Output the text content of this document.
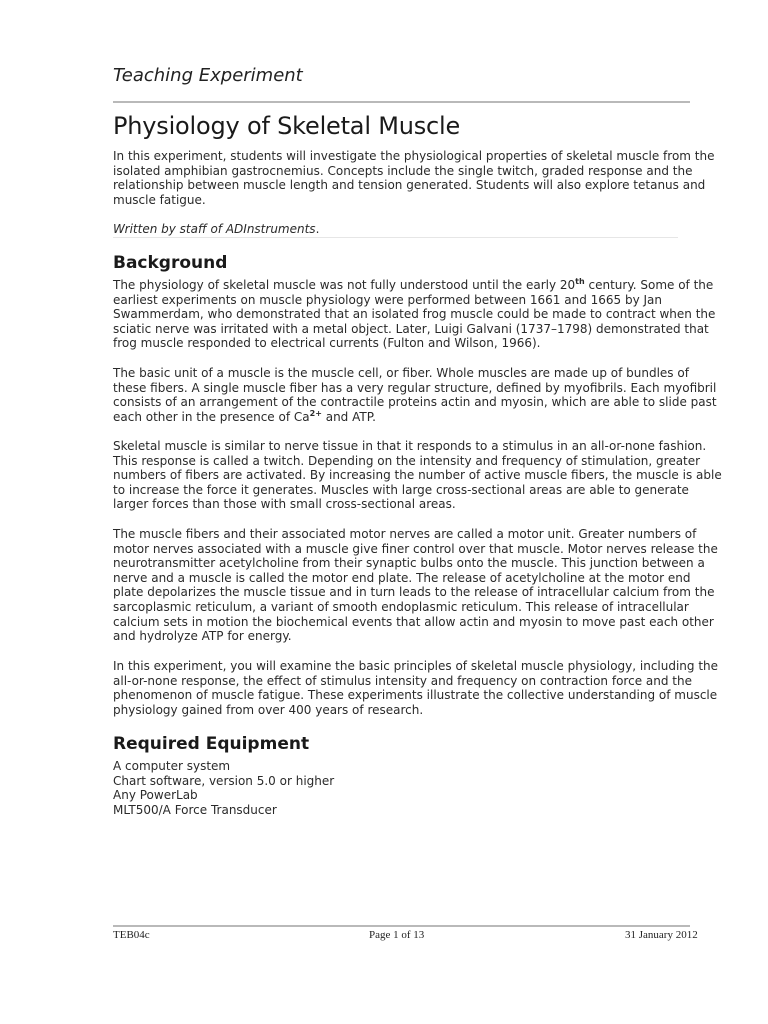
Teaching Experiment
Physiology of Skeletal Muscle

In this experiment, students will investigate the physiological properties of skeletal muscle from the isolated amphibian gastrocnemius. Concepts include the single twitch, graded response and the relationship between muscle length and tension generated. Students will also explore tetanus and muscle fatigue.

Written by staff of ADInstruments.

Background

The physiology of skeletal muscle was not fully understood until the early 20th century. Some of the earliest experiments on muscle physiology were performed between 1661 and 1665 by Jan Swammerdam, who demonstrated that an isolated frog muscle could be made to contract when the sciatic nerve was irritated with a metal object. Later, Luigi Galvani (1737–1798) demonstrated that frog muscle responded to electrical currents (Fulton and Wilson, 1966).

The basic unit of a muscle is the muscle cell, or fiber. Whole muscles are made up of bundles of these fibers. A single muscle fiber has a very regular structure, defined by myofibrils. Each myofibril consists of an arrangement of the contractile proteins actin and myosin, which are able to slide past each other in the presence of $Ca^{2+}$ and ATP.

Skeletal muscle is similar to nerve tissue in that it responds to a stimulus in an all-or-none fashion. This response is called a twitch. Depending on the intensity and frequency of stimulation, greater numbers of fibers are activated. By increasing the number of active muscle fibers, the muscle is able to increase the force it generates. Muscles with large cross-sectional areas are able to generate larger forces than those with small cross-sectional areas.

The muscle fibers and their associated motor nerves are called a motor unit. Greater numbers of motor nerves associated with a muscle give finer control over that muscle. Motor nerves release the neurotransmitter acetylcholine from their synaptic bulbs onto the muscle. This junction between a nerve and a muscle is called the motor end plate. The release of acetylcholine at the motor end plate depolarizes the muscle tissue and in turn leads to the release of intracellular calcium from the sarcoplasmic reticulum, a variant of smooth endoplasmic reticulum. This release of intracellular calcium sets in motion the biochemical events that allow actin and myosin to move past each other and hydrolyze ATP for energy.

In this experiment, you will examine the basic principles of skeletal muscle physiology, including the all-or-none response, the effect of stimulus intensity and frequency on contraction force and the phenomenon of muscle fatigue. These experiments illustrate the collective understanding of muscle physiology gained from over 400 years of research.

Required Equipment
A computer system
Chart software, version 5.0 or higher
Any PowerLab
MLT500/A Force Transducer
TEB04c	Page 1 of 13	31 January 2012
